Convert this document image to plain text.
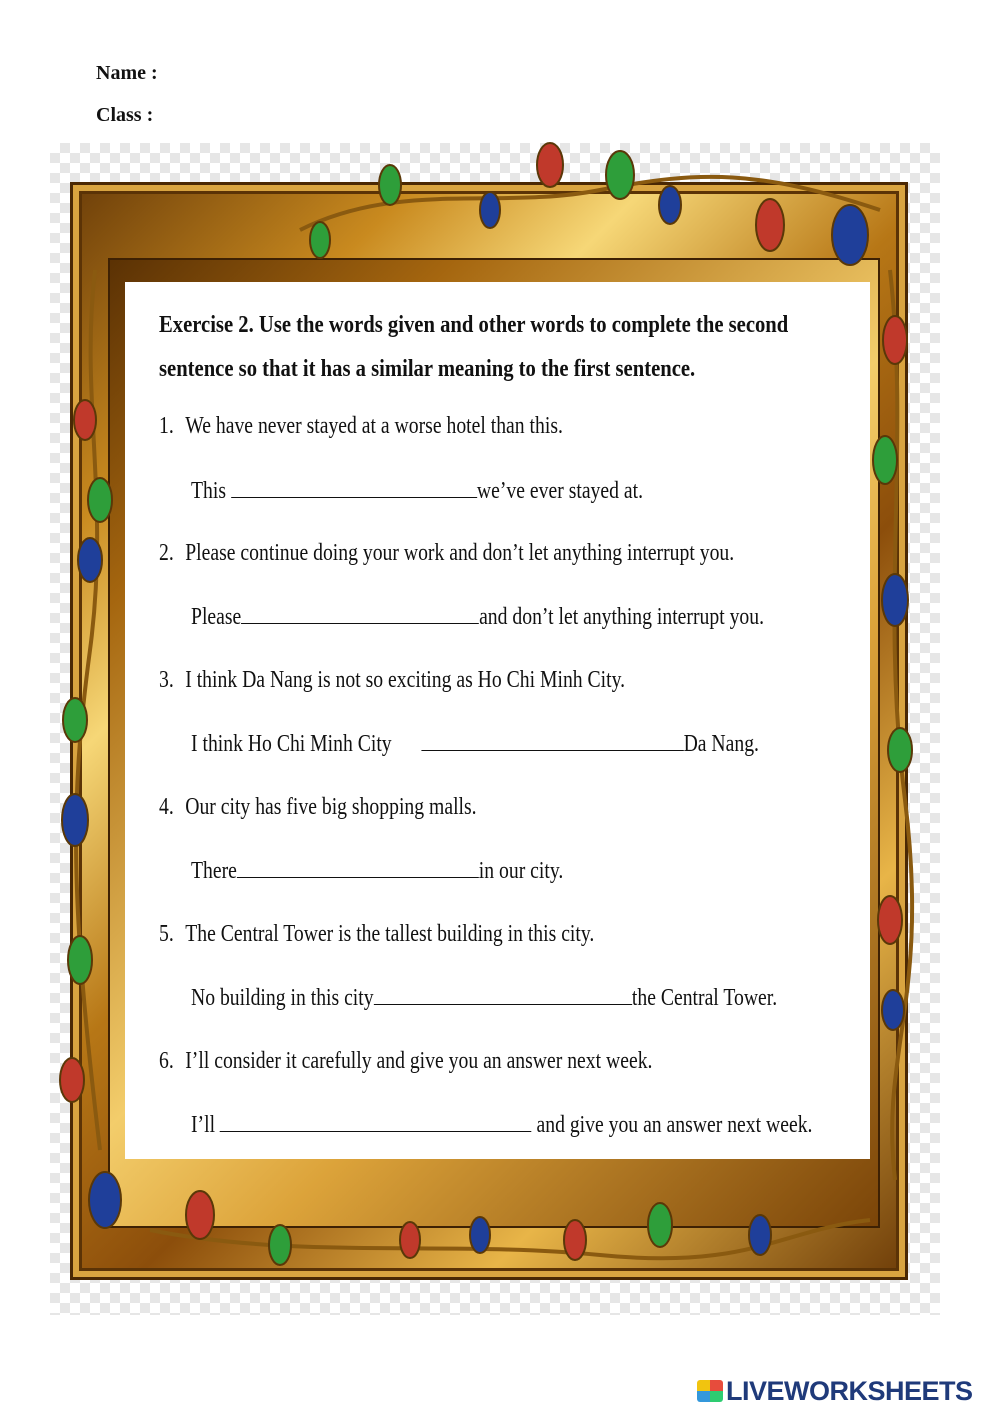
Name :
Class :
Exercise 2. Use the words given and other words to complete the second
sentence so that it has a similar meaning to the first sentence.
1. We have never stayed at a worse hotel than this.
This	we’ve ever stayed at.
2. Please continue doing your work and don’t let anything interrupt you.
Please	and don’t let anything interrupt you.
3. I think Da Nang is not so exciting as Ho Chi Minh City.
I think Ho Chi Minh City	Da Nang.
4. Our city has five big shopping malls.
There	in our city.
5. The Central Tower is the tallest building in this city.
No building in this city	the Central Tower.
6. I’ll consider it carefully and give you an answer next week.
I’ll	and give you an answer next week.
LIVEWORKSHEETS
